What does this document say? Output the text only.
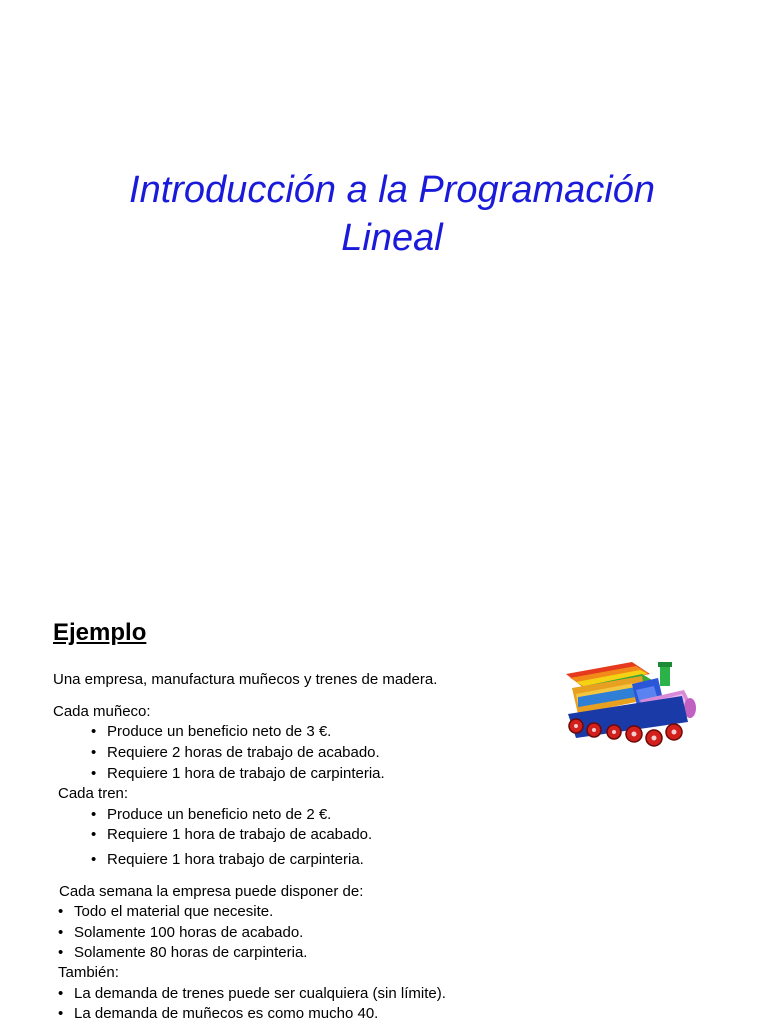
Introducción a la Programación
Lineal
Ejemplo
Una empresa, manufactura muñecos y trenes de madera.
Cada muñeco:
• Produce un beneficio neto de 3 €.
• Requiere 2 horas de trabajo de acabado.
• Requiere 1 hora de trabajo de carpinteria.
Cada tren:
• Produce un beneficio neto de 2 €.
• Requiere 1 hora de trabajo de acabado.
• Requiere 1 hora trabajo de carpinteria.
Cada semana la empresa puede disponer de:
• Todo el material que necesite.
• Solamente 100 horas de acabado.
• Solamente 80 horas de carpinteria.
También:
• La demanda de trenes puede ser cualquiera (sin límite).
• La demanda de muñecos es como mucho 40.
